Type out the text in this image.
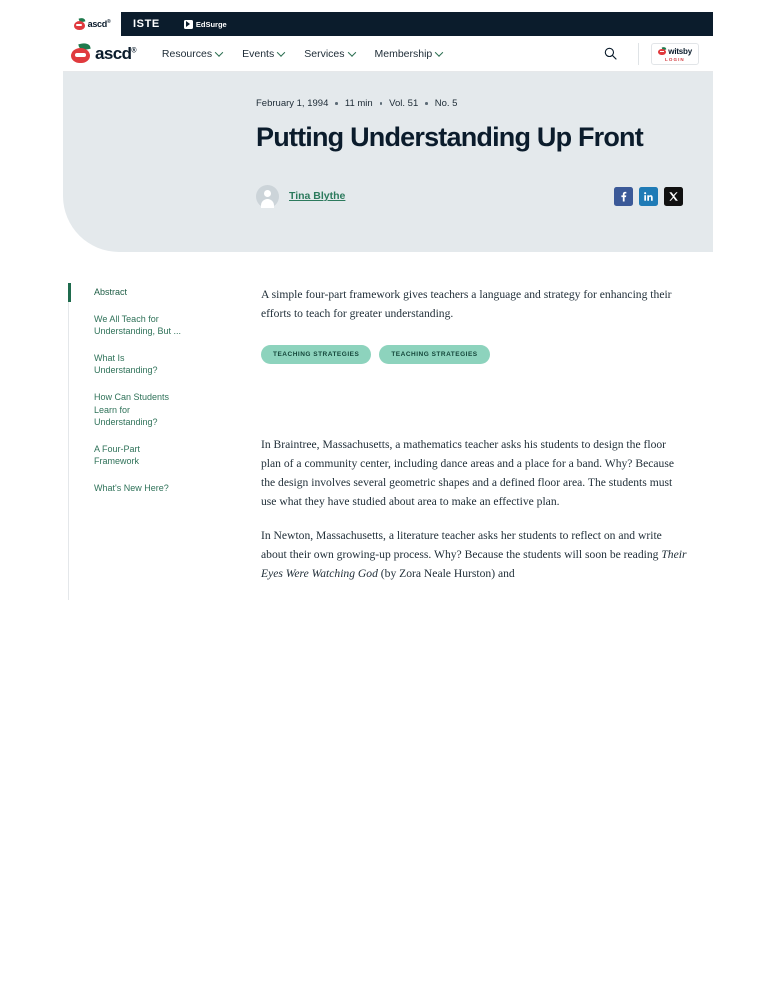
ascd® ISTE	EdSurge
ascd® Resources	Events	Services	Membership	witsby
LOGIN
February 1, 1994 11 min Vol. 51 No. 5
Putting Understanding Up Front
Tina Blythe
Abstract
We All Teach for Understanding, But ...
What Is Understanding?
How Can Students Learn for Understanding?
A Four-Part Framework
What's New Here?

A simple four-part framework gives teachers a language and strategy for enhancing their efforts to teach for greater understanding.

TEACHING STRATEGIES	TEACHING STRATEGIES

In Braintree, Massachusetts, a mathematics teacher asks his students to design the floor plan of a community center, including dance areas and a place for a band. Why? Because the design involves several geometric shapes and a defined floor area. The students must use what they have studied about area to make an effective plan.

In Newton, Massachusetts, a literature teacher asks her students to reflect on and write about their own growing-up process. Why? Because the students will soon be reading Their Eyes Were Watching God (by Zora Neale Hurston) and
